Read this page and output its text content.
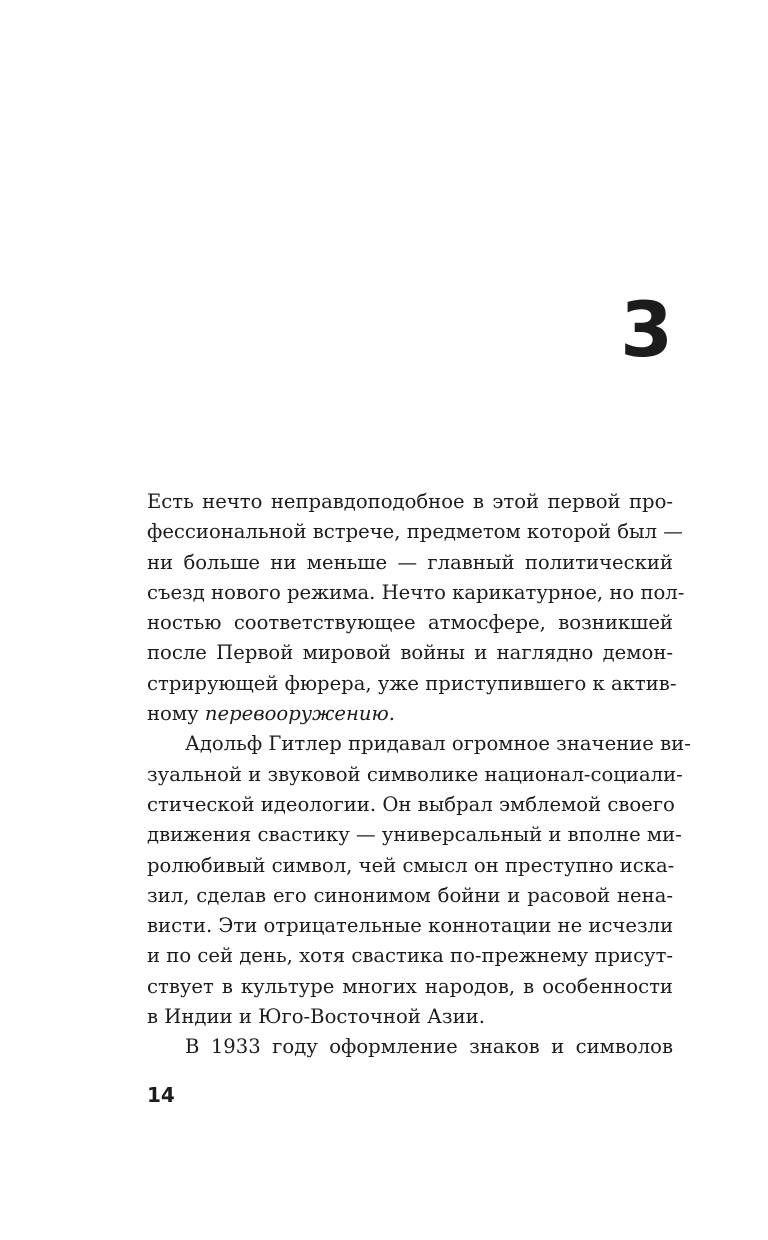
3
Есть нечто неправдоподобное в этой первой про-
фессиональной встрече, предметом которой был —
ни больше ни меньше — главный политический
съезд нового режима. Нечто карикатурное, но пол-
ностью соответствующее атмосфере, возникшей
после Первой мировой войны и наглядно демон-
стрирующей фюрера, уже приступившего к актив-
ному перевооружению.
Адольф Гитлер придавал огромное значение ви-
зуальной и звуковой символике национал-социали-
стической идеологии. Он выбрал эмблемой своего
движения свастику — универсальный и вполне ми-
ролюбивый символ, чей смысл он преступно иска-
зил, сделав его синонимом бойни и расовой нена-
висти. Эти отрицательные коннотации не исчезли
и по сей день, хотя свастика по-прежнему присут-
ствует в культуре многих народов, в особенности
в Индии и Юго-Восточной Азии.
В 1933 году оформление знаков и символов
14
